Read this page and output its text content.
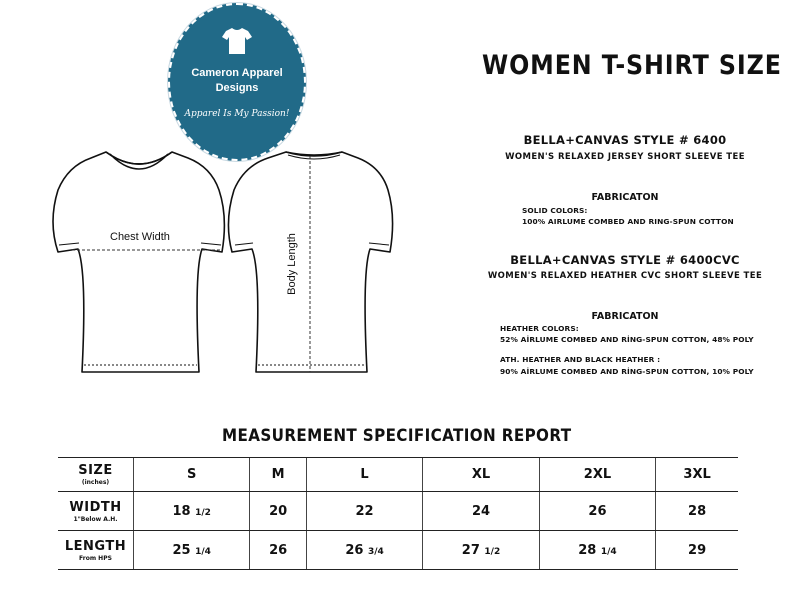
Cameron Apparel
Designs
Apparel Is My Passion!
WOMEN T-SHIRT SIZE
BELLA+CANVAS STYLE # 6400
WOMEN'S RELAXED JERSEY SHORT SLEEVE TEE
FABRICATON
SOLID COLORS:
100% AIRLUME COMBED AND RING-SPUN COTTON
BELLA+CANVAS STYLE # 6400CVC
WOMEN'S RELAXED HEATHER CVC SHORT SLEEVE TEE
FABRICATON
HEATHER COLORS:
52% AİRLUME COMBED AND RİNG-SPUN COTTON, 48% POLY
ATH. HEATHER AND BLACK HEATHER :
90% AİRLUME COMBED AND RİNG-SPUN COTTON, 10% POLY
Chest Width	Body Length
MEASUREMENT SPECIFICATION REPORT
SIZE
(inches)	S	M	L	XL	2XL	3XL

WIDTH
1"Below A.H.	18 1/2	20	22	24	26	28

LENGTH
From HPS	25 1/4	26	26 3/4	27 1/2	28 1/4	29
